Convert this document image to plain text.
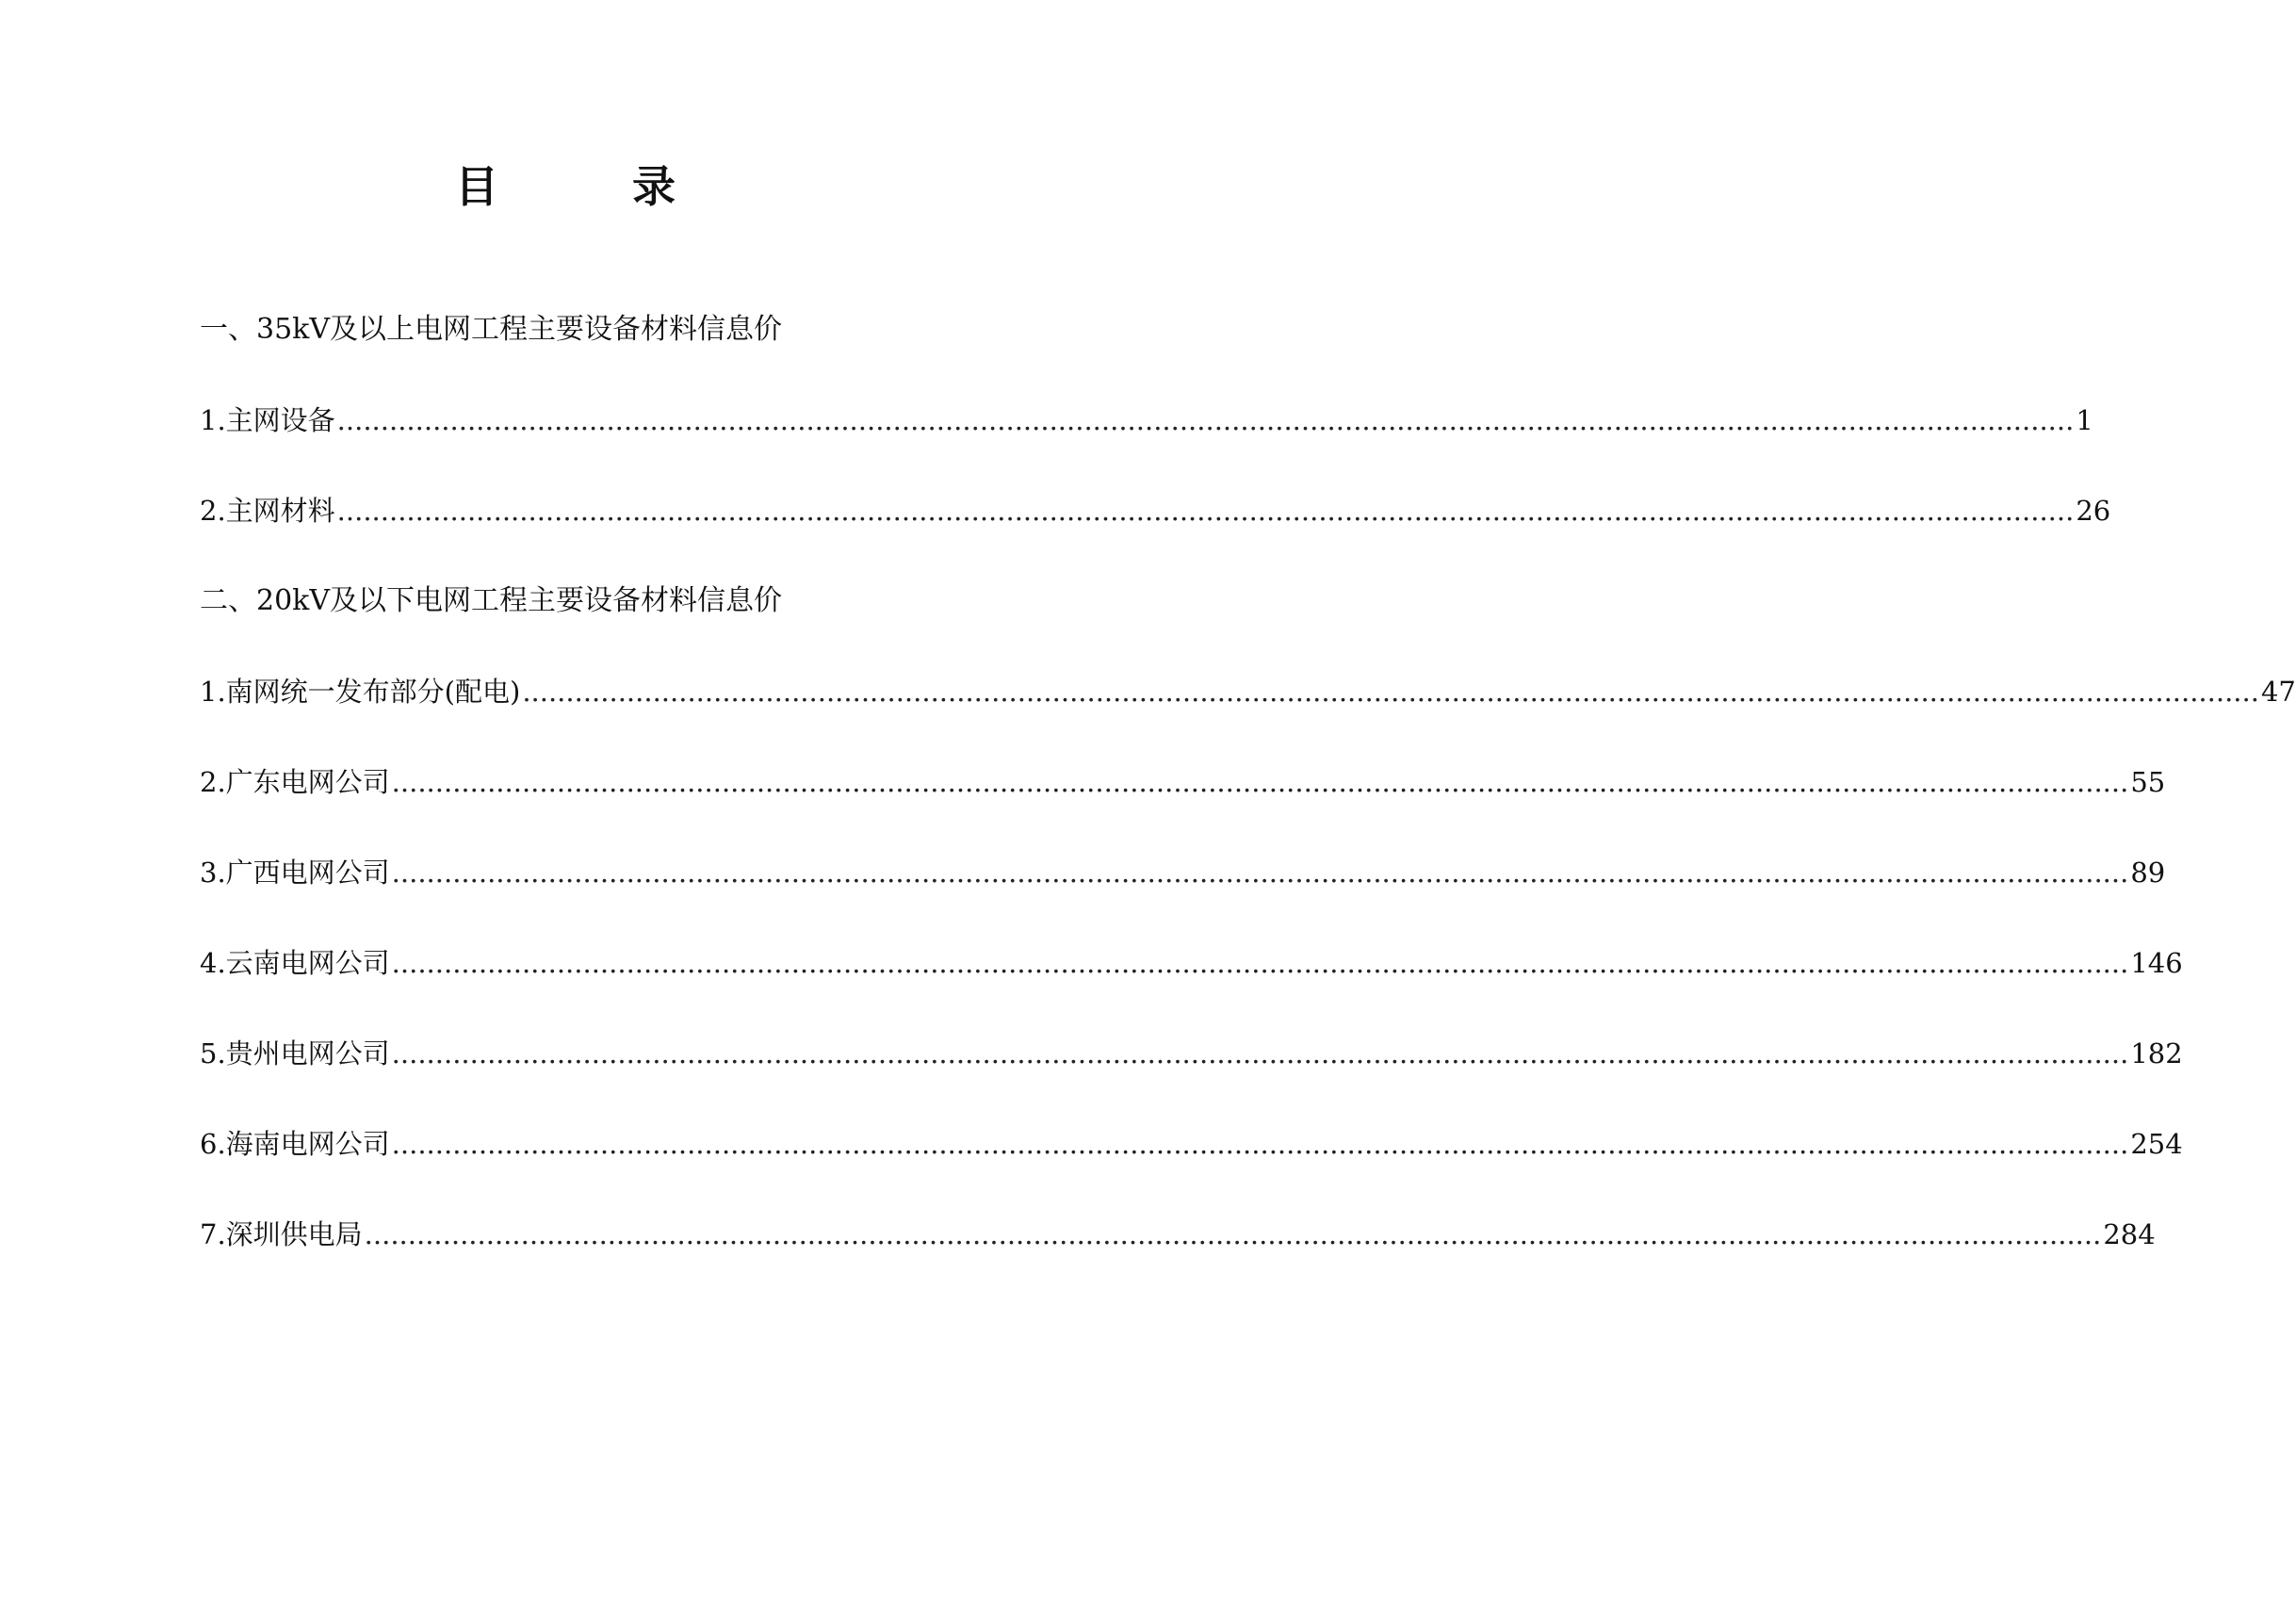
目　录
一、35kV及以上电网工程主要设备材料信息价
1.主网设备 ........................................................................................................................................................................................................ 1
2.主网材料 ........................................................................................................................................................................................................ 26
二、20kV及以下电网工程主要设备材料信息价
1.南网统一发布部分(配电) ........................................................................................................................................................................................................ 47
2.广东电网公司 ........................................................................................................................................................................................................ 55
3.广西电网公司 ........................................................................................................................................................................................................ 89
4.云南电网公司 ........................................................................................................................................................................................................ 146
5.贵州电网公司 ........................................................................................................................................................................................................ 182
6.海南电网公司 ........................................................................................................................................................................................................ 254
7.深圳供电局 ........................................................................................................................................................................................................ 284
